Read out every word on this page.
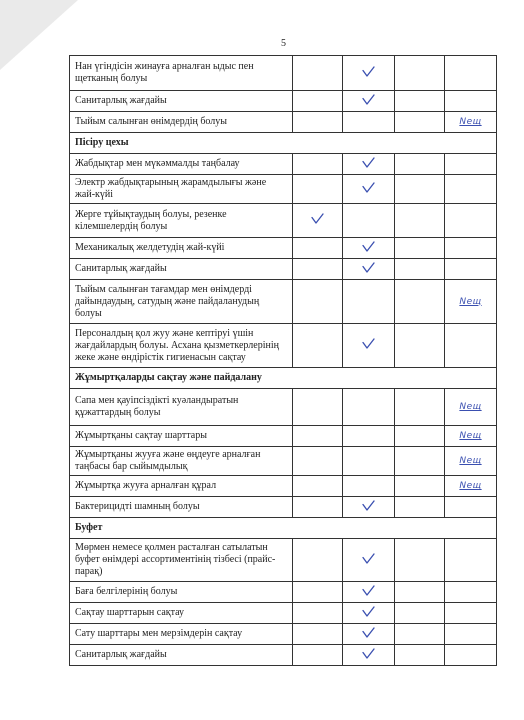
5
Нан үгіндісін жинауға арналған ыдыс пен щетканың болуы		

Санитарлық жағдайы		

Тыйым салынған өнімдердің болуы				Nещ
Пісіру цехы				
Жабдықтар мен мүкәммалды таңбалау		

Электр жабдықтарының жарамдылығы және жай-күйі		

Жерге тұйықтаудың болуы, резенке кілемшелердің болуы	

Механикалық желдетудің жай-күйі		

Санитарлық жағдайы		

Тыйым салынған тағамдар мен өнімдерді дайындаудың, сатудың және пайдаланудың болуы				Nещ
Персоналдың қол жуу және кептіруі үшін жағдайлардың болуы. Асхана қызметкерлерінің жеке және өндірістік гигиенасын сақтау		

Жұмыртқаларды сақтау және пайдалану				
Сапа мен қауіпсіздікті куәландыратын құжаттардың болуы				Nещ
Жұмыртқаны сақтау шарттары				Nещ
Жұмыртқаны жууға және өңдеуге арналған таңбасы бар сыйымдылық				Nещ
Жұмыртқа жууға арналған құрал				Nещ
Бактерицидті шамның болуы		

Буфет				
Мөрмен немесе қолмен расталған сатылатын буфет өнімдері ассортиментінің тізбесі (прайс-парақ)		

Баға белгілерінің болуы		

Сақтау шарттарын сақтау		

Сату шарттары мен мерзімдерін сақтау		

Санитарлық жағдайы		
